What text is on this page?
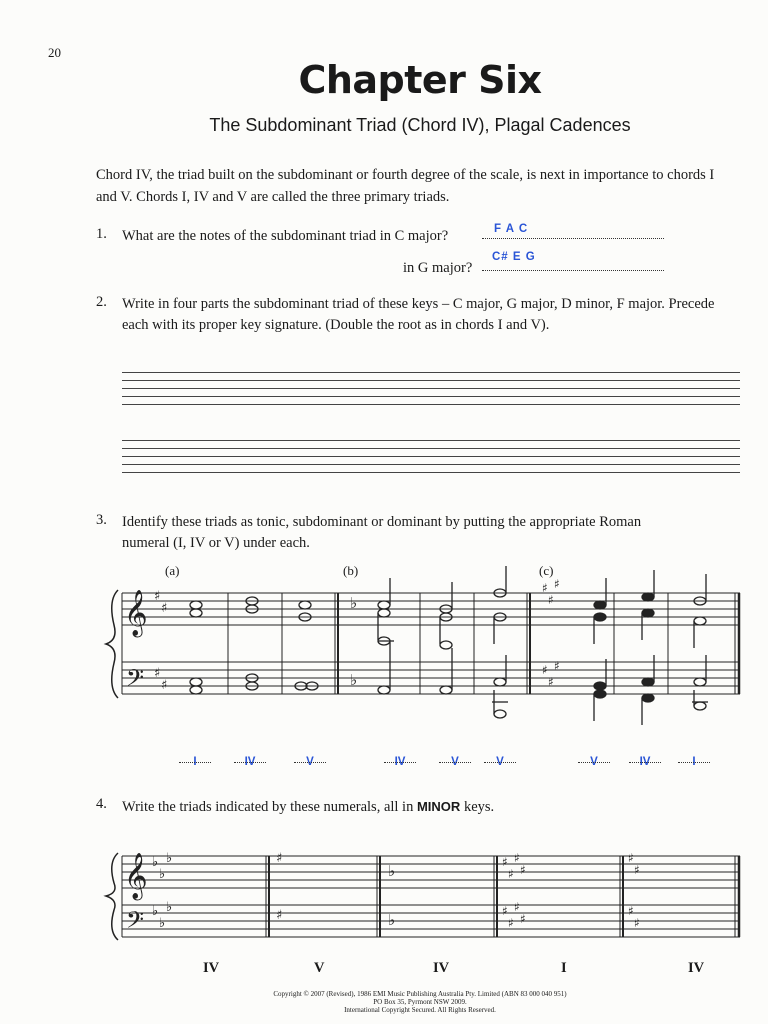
20
Chapter Six
The Subdominant Triad (Chord IV), Plagal Cadences
Chord IV, the triad built on the subdominant or fourth degree of the scale, is next in importance to chords I and V. Chords I, IV and V are called the three primary triads.
1. What are the notes of the subdominant triad in C major?	F A C
in G major?
C# E G
2. Write in four parts the subdominant triad of these keys – C major, G major, D minor, F major. Precede each with its proper key signature. (Double the root as in chords I and V).
3. Identify these triads as tonic, subdominant or dominant by putting the appropriate Roman numeral (I, IV or V) under each.
(a)	(b)	(c)
𝄞
𝄢
♯
♯
♯
♯
♭
♭
♯
♯
♯
♯
♯
♯
I	IV	V	IV	V	V	V	IV	I
4. Write the triads indicated by these numerals, all in MINOR keys.
𝄞
𝄢
♭
♭
♭
♭
♭
♭
♯
♯
♭
♭
♯
♯
♯
♯
♯
♯
♯
♯
♯
♯
♯
♯
IV	V	IV	I	IV
Copyright © 2007 (Revised), 1986 EMI Music Publishing Australia Pty. Limited (ABN 83 000 040 951)
PO Box 35, Pyrmont NSW 2009.
International Copyright Secured. All Rights Reserved.
